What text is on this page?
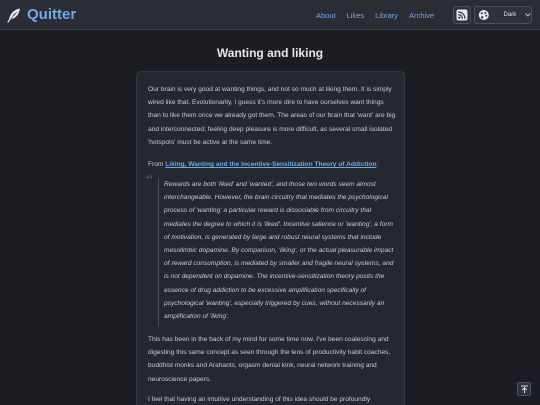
Quitter	About Likes Library Archive	Dark
Wanting and liking

Our brain is very good at wanting things, and not so much at liking them. It is simply wired like that. Evolutionarily, I guess it's more dire to have ourselves want things than to like them once we already got them. The areas of our brain that 'want' are big and interconnected; feeling deep pleasure is more difficult, as several small isolated 'hotspots' must be active at the same time.

From Liking, Wanting and the Incentive-Sensitization Theory of Addiction:

“ Rewards are both 'liked' and 'wanted', and those two words seem almost interchangeable. However, the brain circuitry that mediates the psychological process of 'wanting' a particular reward is dissociable from circuitry that mediates the degree to which it is 'liked'. Incentive salience or 'wanting', a form of motivation, is generated by large and robust neural systems that include mesolimbic dopamine. By comparison, 'liking', or the actual pleasurable impact of reward consumption, is mediated by smaller and fragile neural systems, and is not dependent on dopamine. The incentive-sensitization theory posits the essence of drug addiction to be excessive amplification specifically of psychological 'wanting', especially triggered by cues, without necessarily an amplification of 'liking'.

This has been in the back of my mind for some time now. I've been coalescing and digesting this same concept as seen through the lens of productivity habit coaches, buddhist monks and Arahants, orgasm denial kink, neural network training and neuroscience papers.

I feel that having an intuitive understanding of this idea should be profoundly
